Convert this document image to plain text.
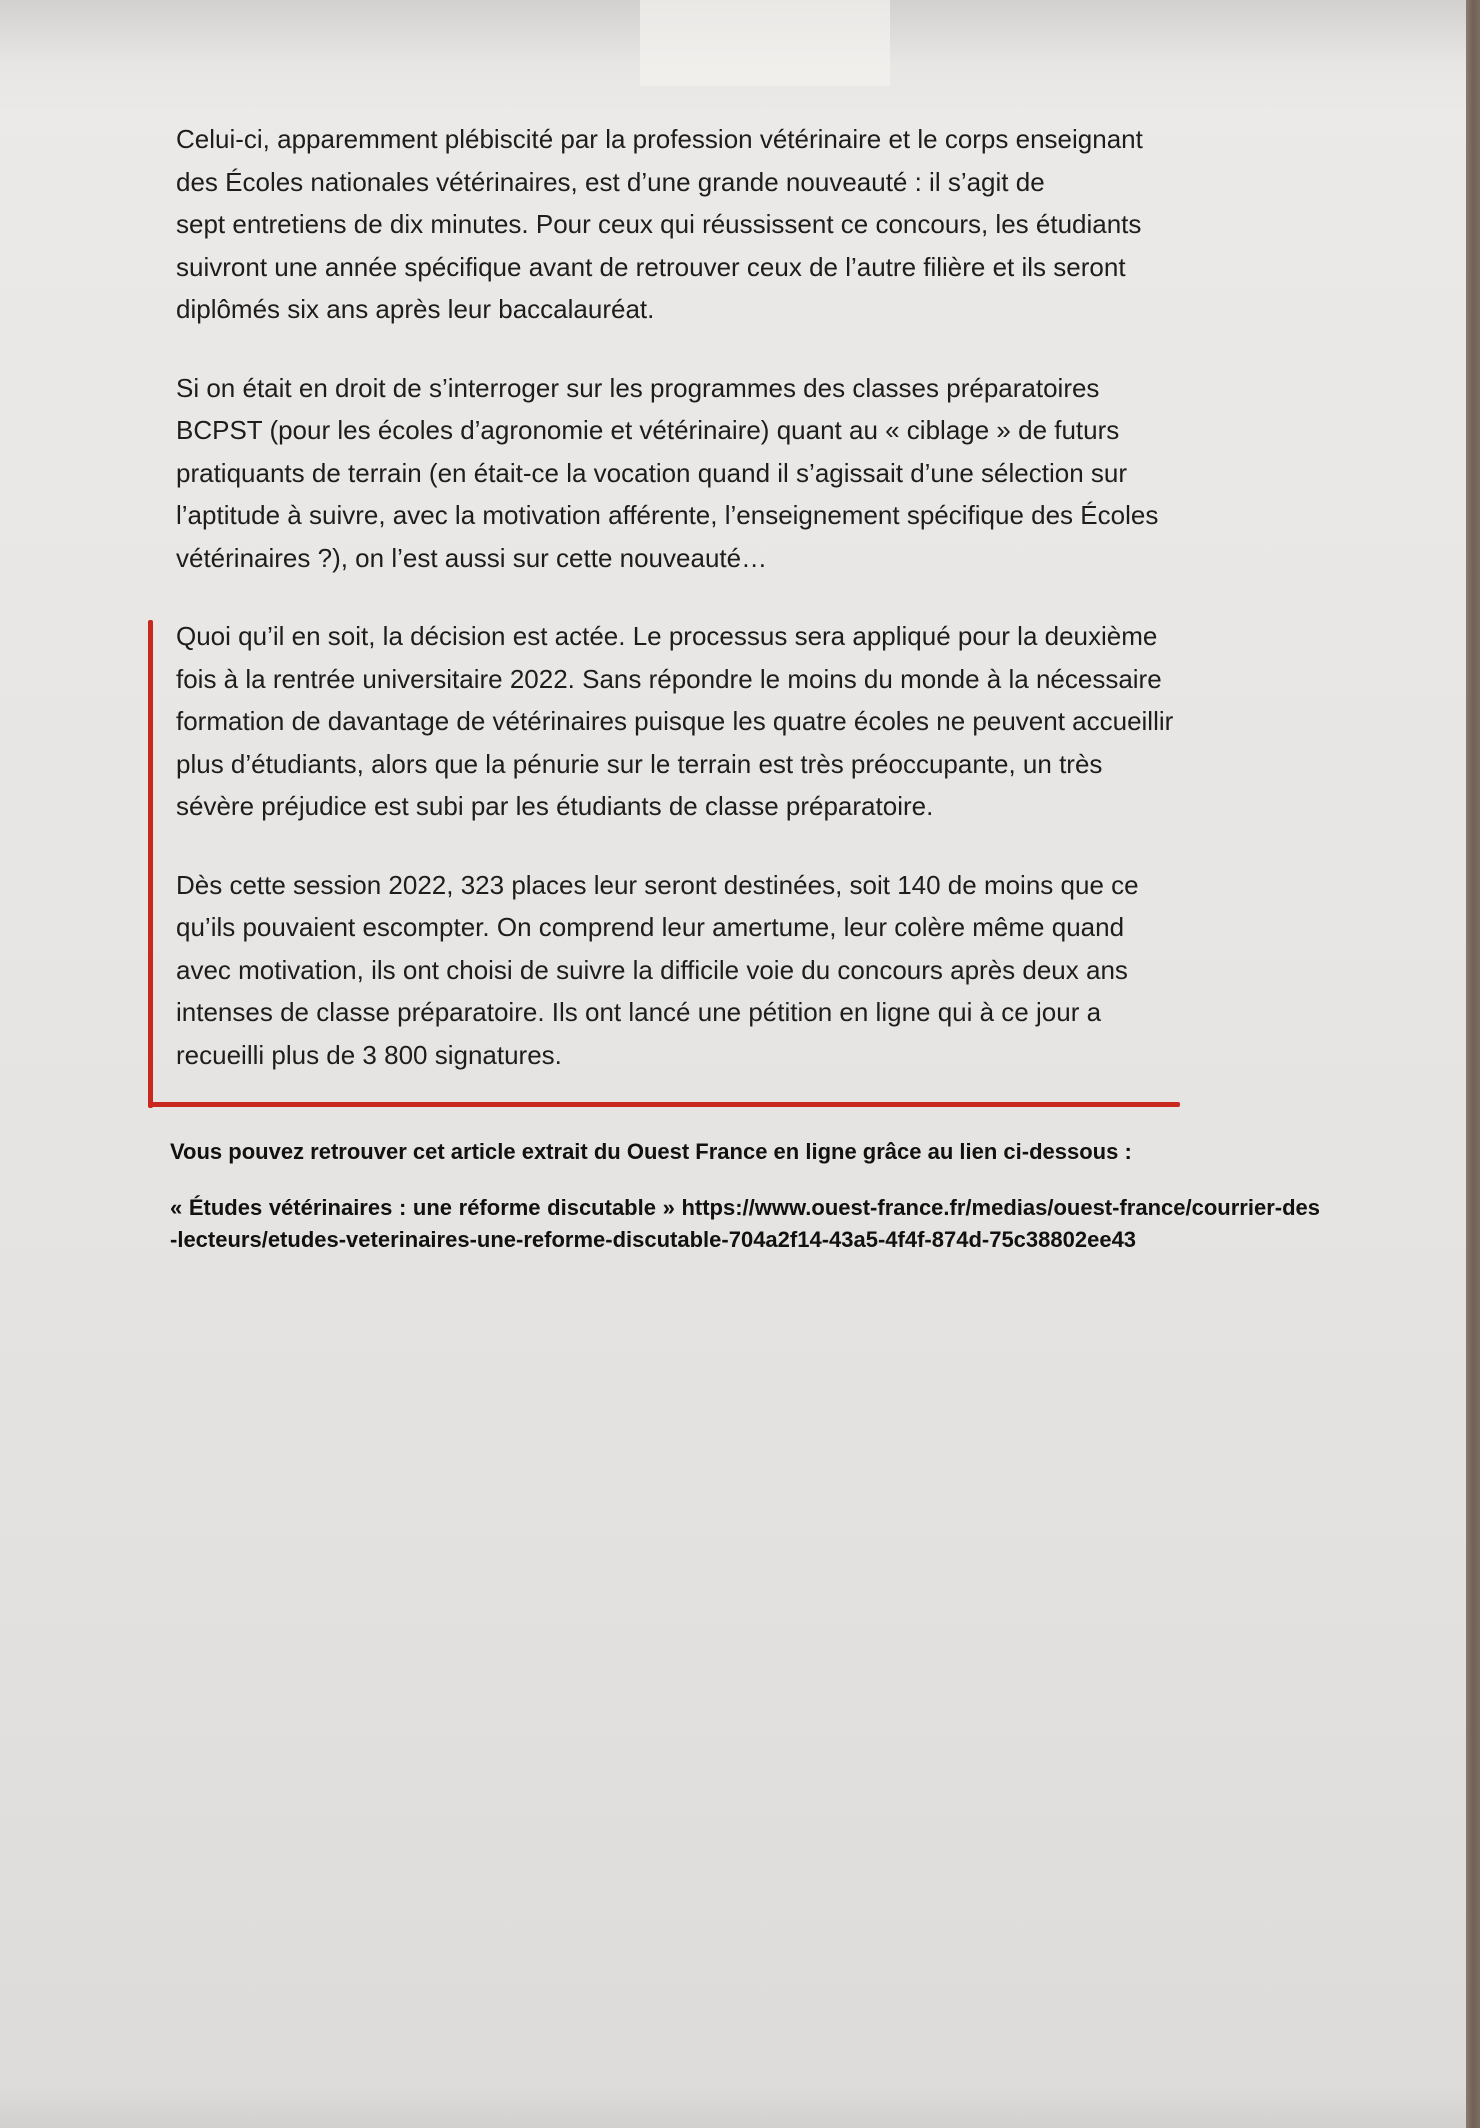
Celui-ci, apparemment plébiscité par la profession vétérinaire et le corps enseignant
des Écoles nationales vétérinaires, est d’une grande nouveauté : il s’agit de
sept entretiens de dix minutes. Pour ceux qui réussissent ce concours, les étudiants
suivront une année spécifique avant de retrouver ceux de l’autre filière et ils seront
diplômés six ans après leur baccalauréat.

Si on était en droit de s’interroger sur les programmes des classes préparatoires
BCPST (pour les écoles d’agronomie et vétérinaire) quant au « ciblage » de futurs
pratiquants de terrain (en était-ce la vocation quand il s’agissait d’une sélection sur
l’aptitude à suivre, avec la motivation afférente, l’enseignement spécifique des Écoles
vétérinaires ?), on l’est aussi sur cette nouveauté…

Quoi qu’il en soit, la décision est actée. Le processus sera appliqué pour la deuxième
fois à la rentrée universitaire 2022. Sans répondre le moins du monde à la nécessaire
formation de davantage de vétérinaires puisque les quatre écoles ne peuvent accueillir
plus d’étudiants, alors que la pénurie sur le terrain est très préoccupante, un très
sévère préjudice est subi par les étudiants de classe préparatoire.

Dès cette session 2022, 323 places leur seront destinées, soit 140 de moins que ce
qu’ils pouvaient escompter. On comprend leur amertume, leur colère même quand
avec motivation, ils ont choisi de suivre la difficile voie du concours après deux ans
intenses de classe préparatoire. Ils ont lancé une pétition en ligne qui à ce jour a
recueilli plus de 3 800 signatures.

Vous pouvez retrouver cet article extrait du Ouest France en ligne grâce au lien ci-dessous :

« Études vétérinaires : une réforme discutable » https://www.ouest-france.fr/medias/ouest-france/courrier-des-lecteurs/etudes-veterinaires-une-reforme-discutable-704a2f14-43a5-4f4f-874d-75c38802ee43
